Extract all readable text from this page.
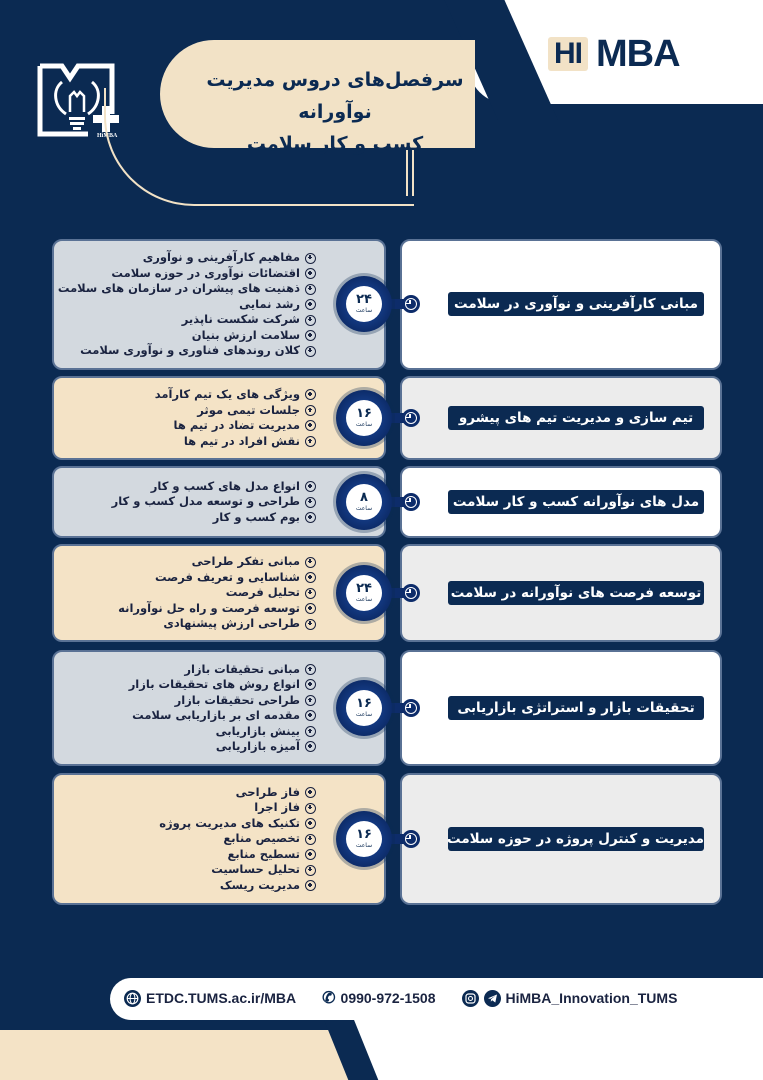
HI MBA
HiMBA
سرفصل‌های دروس مدیریت نوآورانه
کسب و کار سلامت
مفاهیم کارآفرینی و نوآوری
اقتضائات نوآوری در حوزه سلامت
ذهنیت های پیشران در سازمان های سلامت
رشد نمایی
شرکت شکست ناپذیر
سلامت ارزش بنیان
کلان روندهای فناوری و نوآوری سلامت
۲۴
ساعت	مبانی کارآفرینی و نوآوری در سلامت
ویژگی های یک تیم کارآمد
جلسات تیمی موثر
مدیریت تضاد در تیم ها
نقش افراد در تیم ها
۱۶
ساعت	تیم سازی و مدیریت تیم های پیشرو
انواع مدل های کسب و کار
طراحی و توسعه مدل کسب و کار
بوم کسب و کار
۸
ساعت	مدل های نوآورانه کسب و کار سلامت
مبانی تفکر طراحی
شناسایی و تعریف فرصت
تحلیل فرصت
توسعه فرصت و راه حل نوآورانه
طراحی ارزش پیشنهادی
۲۴
ساعت	توسعه فرصت های نوآورانه در سلامت
مبانی تحقیقات بازار
انواع روش های تحقیقات بازار
طراحی تحقیقات بازار
مقدمه ای بر بازاریابی سلامت
بینش بازاریابی
آمیزه بازاریابی
۱۶
ساعت	تحقیقات بازار و استراتژی بازاریابی
فاز طراحی
فاز اجرا
تکنیک های مدیریت پروژه
تخصیص منابع
تسطیح منابع
تحلیل حساسیت
مدیریت ریسک
۱۶
ساعت	مدیریت و کنترل پروژه در حوزه سلامت
ETDC.TUMS.ac.ir/MBA ✆ 0990-972-1508	HiMBA_Innovation_TUMS
